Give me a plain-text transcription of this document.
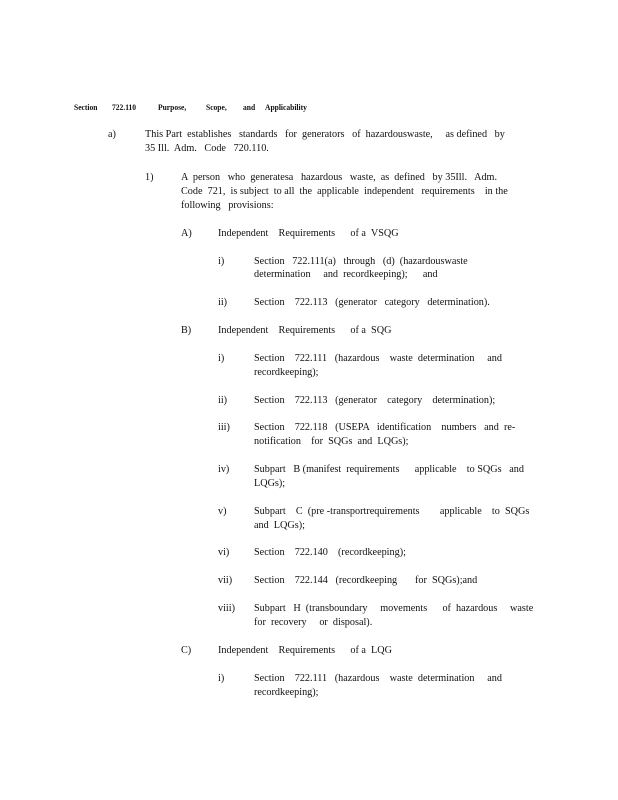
Section 722.110	Purpose, Scope, and Applicability
a)	This Part  establishes   standards   for  generators   of  hazardouswaste,     as defined   by
35 Ill.  Adm.   Code   720.110.
1)	A  person   who  generatesa   hazardous   waste,  as  defined   by 35Ill.   Adm.
Code  721,  is subject  to all  the  applicable  independent   requirements    in the
following   provisions:
A)	Independent    Requirements      of a  VSQG
i)	Section   722.111(a)   through   (d)  (hazardouswaste
determination     and  recordkeeping);      and
ii)	Section    722.113   (generator   category   determination).
B)	Independent    Requirements      of a  SQG
i)	Section    722.111   (hazardous    waste  determination     and
recordkeeping);
ii)	Section    722.113   (generator    category    determination);
iii) Section    722.118   (USEPA   identification    numbers   and  re-
notification    for  SQGs  and  LQGs);
iv) Subpart   B (manifest  requirements      applicable    to SQGs   and
LQGs);
v)	Subpart    C  (pre -transportrequirements        applicable    to  SQGs
and  LQGs);
vi) Section    722.140    (recordkeeping);
vii) Section    722.144   (recordkeeping       for  SQGs);and
viii) Subpart   H  (transboundary     movements      of  hazardous     waste
for  recovery     or  disposal).
C)	Independent    Requirements      of a  LQG
i)	Section    722.111   (hazardous    waste  determination     and
recordkeeping);
